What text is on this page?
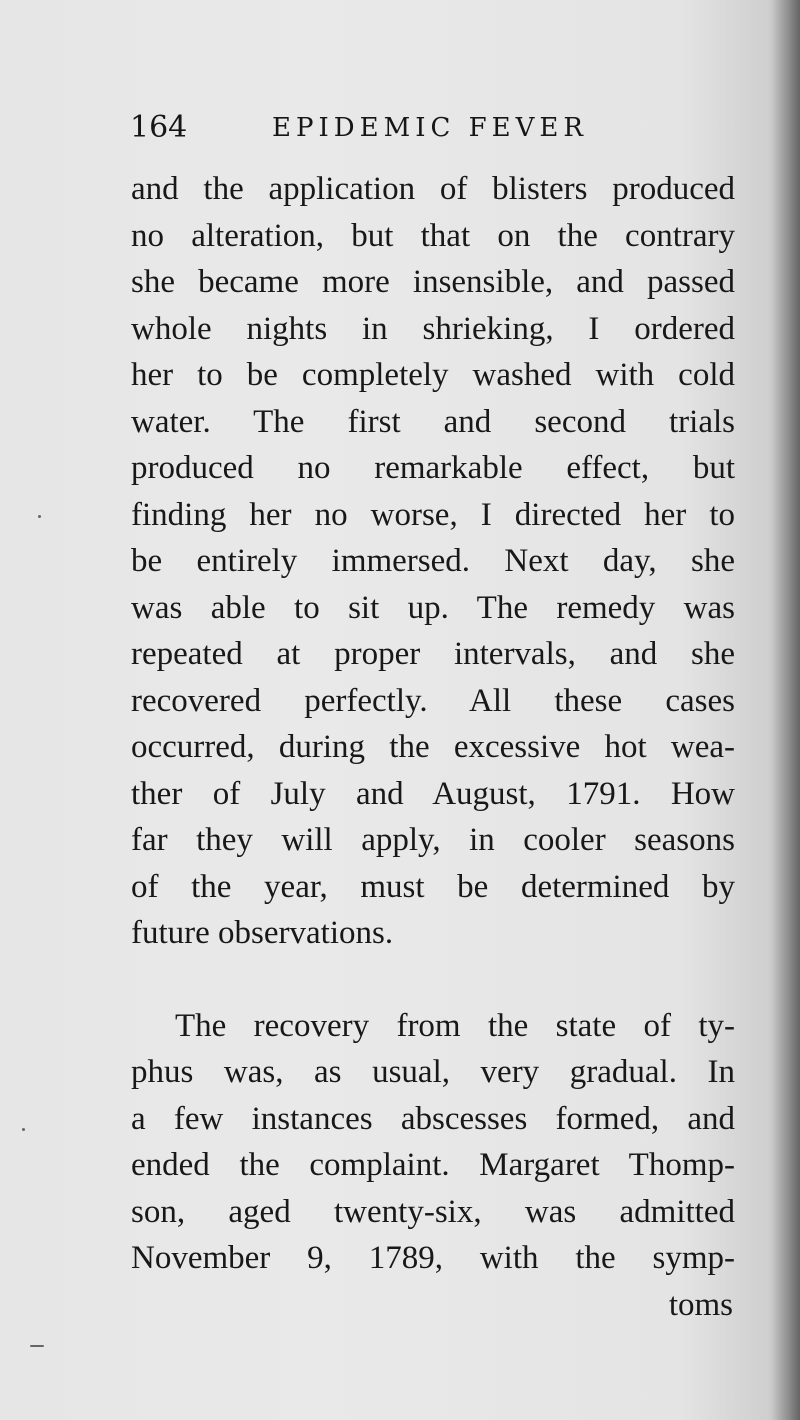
164	EPIDEMIC FEVER
and the application of blisters produced
no alteration, but that on the contrary
she became more insensible, and passed
whole nights in shrieking, I ordered
her to be completely washed with cold
water. The first and second trials
produced no remarkable effect, but
finding her no worse, I directed her to
be entirely immersed. Next day, she
was able to sit up. The remedy was
repeated at proper intervals, and she
recovered perfectly. All these cases
occurred, during the excessive hot wea-
ther of July and August, 1791. How
far they will apply, in cooler seasons
of the year, must be determined by
future observations.
The recovery from the state of ty-
phus was, as usual, very gradual. In
a few instances abscesses formed, and
ended the complaint. Margaret Thomp-
son, aged twenty-six, was admitted
November 9, 1789, with the symp-
toms
